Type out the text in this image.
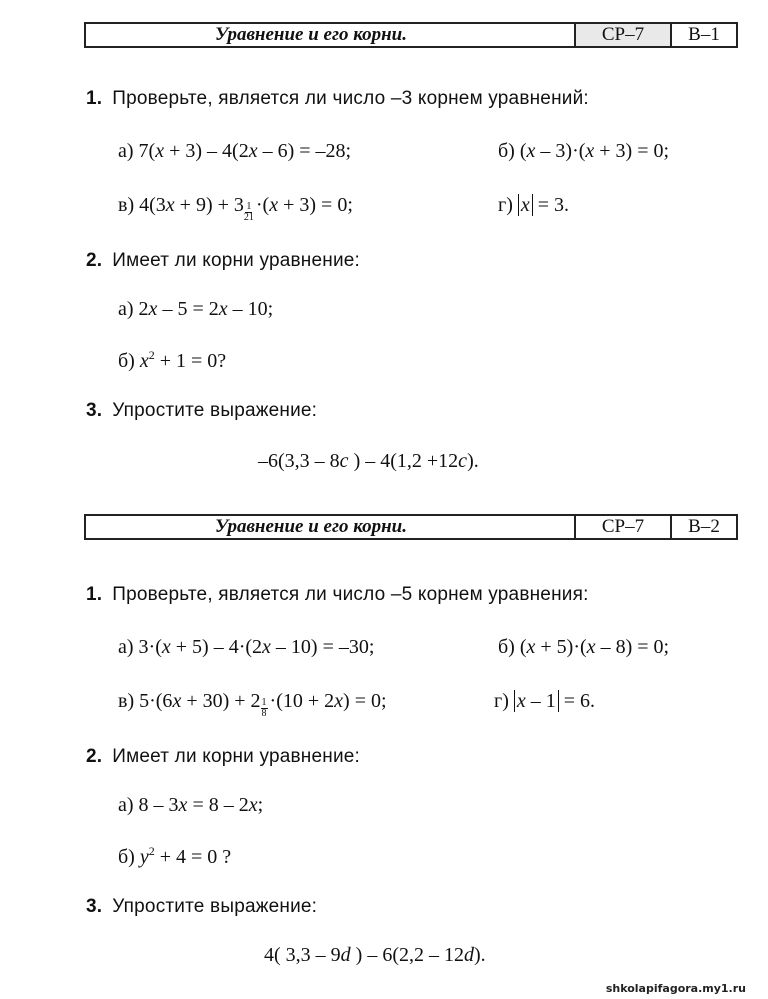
Уравнение и его корни.	СР–7	В–1
1. Проверьте, является ли число –3 корнем уравнений:
а) 7(x + 3) – 4(2x – 6) = –28;	б) (x – 3)·(x + 3) = 0;
в) $4(3x + 9) + 3 \frac{1}{21} \cdot(x + 3) = 0$;	г) x = 3.
2. Имеет ли корни уравнение:
а) 2x – 5 = 2x – 10;
б) $x^2 + 1 = 0$?
3. Упростите выражение:
–6(3,3 – 8c ) – 4(1,2 +12c).
Уравнение и его корни.	СР–7	В–2
1. Проверьте, является ли число –5 корнем уравнения:
а) 3·(x + 5) – 4·(2x – 10) = –30;	б) (x + 5)·(x – 8) = 0;
в) $5\cdot(6x + 30) + 2 \frac{1}{8} \cdot(10 + 2x) = 0$;	г) x – 1 = 6.
2. Имеет ли корни уравнение:
а) 8 – 3x = 8 – 2x;
б) $y^2 + 4 = 0$ ?
3. Упростите выражение:
4( 3,3 – 9d ) – 6(2,2 – 12d).
shkolapifagora.my1.ru
